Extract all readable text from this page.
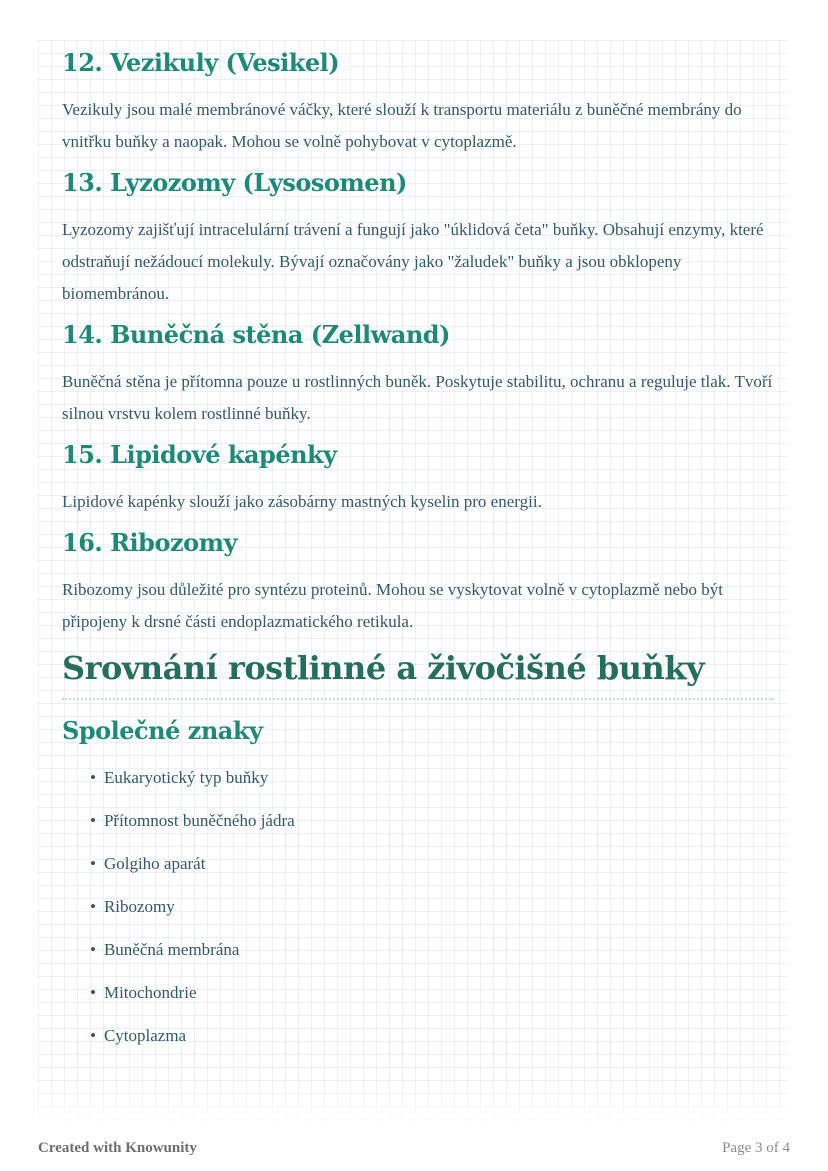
12. Vezikuly (Vesikel)

Vezikuly jsou malé membránové váčky, které slouží k transportu materiálu z buněčné membrány do vnitřku buňky a naopak. Mohou se volně pohybovat v cytoplazmě.

13. Lyzozomy (Lysosomen)

Lyzozomy zajišťují intracelulární trávení a fungují jako "úklidová četa" buňky. Obsahují enzymy, které odstraňují nežádoucí molekuly. Bývají označovány jako "žaludek" buňky a jsou obklopeny biomembránou.

14. Buněčná stěna (Zellwand)

Buněčná stěna je přítomna pouze u rostlinných buněk. Poskytuje stabilitu, ochranu a reguluje tlak. Tvoří silnou vrstvu kolem rostlinné buňky.

15. Lipidové kapénky

Lipidové kapénky slouží jako zásobárny mastných kyselin pro energii.

16. Ribozomy

Ribozomy jsou důležité pro syntézu proteinů. Mohou se vyskytovat volně v cytoplazmě nebo být připojeny k drsné části endoplazmatického retikula.

Srovnání rostlinné a živočišné buňky
Společné znaky
• Eukaryotický typ buňky
• Přítomnost buněčného jádra
• Golgiho aparát
• Ribozomy
• Buněčná membrána
• Mitochondrie
• Cytoplazma
Created with Knowunity	Page 3 of 4
